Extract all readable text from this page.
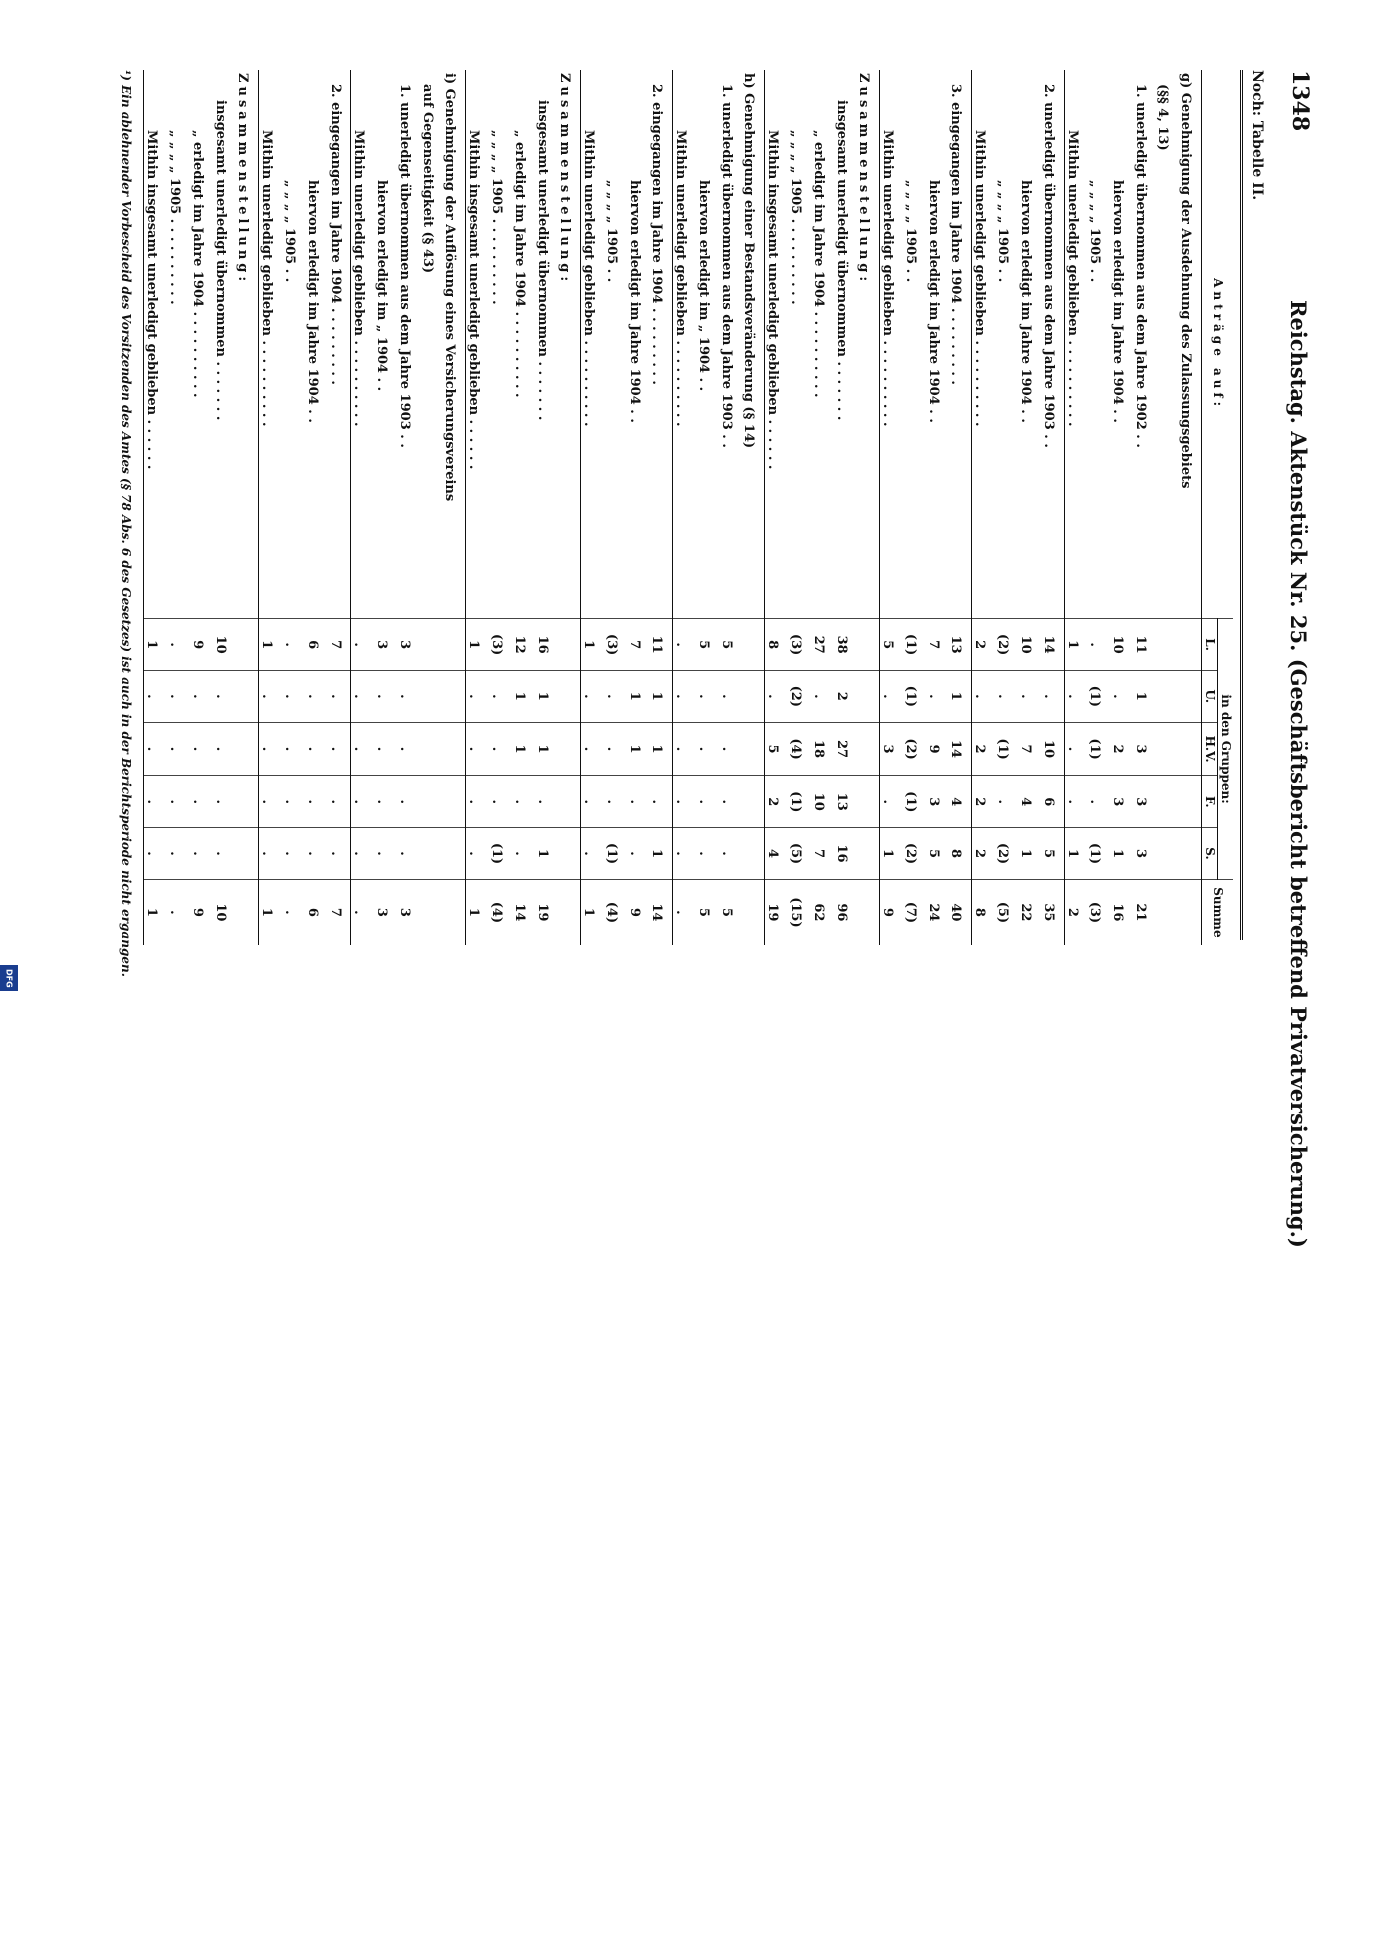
1348
Reichstag. Aktenstück Nr. 25. (Geschäftsbericht betreffend Privatversicherung.)
Noch: Tabelle II.
Anträge auf:	in den Gruppen:					Summe
	L.	U.	H.V.	F.	S.	
g) Genehmigung der Ausdehnung des Zulassungsgebiets						
(§§ 4, 13)						
1. unerledigt übernommen aus dem Jahre 1902 . .	11	1	3	3	3	21
hiervon erledigt im Jahre 1904 . .	10	.	2	3	1	16
„ „ „ „ 1905 . .	.	(1)	(1)	.	(1)	(3)
Mithin unerledigt geblieben . . . . . . . . . .	1	.	.	.	1	2
2. unerledigt übernommen aus dem Jahre 1903 . .	14	.	10	6	5	35
hiervon erledigt im Jahre 1904 . .	10	.	7	4	1	22
„ „ „ „ 1905 . .	(2)	.	(1)	.	(2)	(5)
Mithin unerledigt geblieben . . . . . . . . . .	2	.	2	2	2	8
3. eingegangen im Jahre 1904 . . . . . . . . .	13	1	14	4	8	40
hiervon erledigt im Jahre 1904 . .	7	.	9	3	5	24
„ „ „ „ 1905 . .	(1)	(1)	(2)	(1)	(2)	(7)
Mithin unerledigt geblieben . . . . . . . . . .	5	.	3	.	1	9
Zusammenstellung:						
insgesamt unerledigt übernommen . . . . . . .	38	2	27	13	16	96
„ erledigt im Jahre 1904 . . . . . . . . . .	27	.	18	10	7	62
„ „ „ „ 1905 . . . . . . . . . .	(3)	(2)	(4)	(1)	(5)	(15)
Mithin insgesamt unerledigt geblieben . . . . . .	8	.	5	2	4	19
h) Genehmigung einer Bestandsveränderung (§ 14)						
1. unerledigt übernommen aus dem Jahre 1903 . .	5	.	.	.	.	5
hiervon erledigt im „ 1904 . .	5	.	.	.	.	5
Mithin unerledigt geblieben . . . . . . . . . .	.	.	.	.	.	.
2. eingegangen im Jahre 1904 . . . . . . . . .	11	1	1	.	1	14
hiervon erledigt im Jahre 1904 . .	7	1	1	.	.	9
„ „ „ „ 1905 . .	(3)	.	.	.	(1)	(4)
Mithin unerledigt geblieben . . . . . . . . . .	1	.	.	.	.	1
Zusammenstellung:						
insgesamt unerledigt übernommen . . . . . . .	16	1	1	.	1	19
„ erledigt im Jahre 1904 . . . . . . . . . .	12	1	1	.	.	14
„ „ „ „ 1905 . . . . . . . . . .	(3)	.	.	.	(1)	(4)
Mithin insgesamt unerledigt geblieben . . . . . .	1	.	.	.	.	1
i) Genehmigung der Auflösung eines Versicherungsvereins						
auf Gegenseitigkeit (§ 43)						
1. unerledigt übernommen aus dem Jahre 1903 . .	3	.	.	.	.	3
hiervon erledigt im „ 1904 . .	3	.	.	.	.	3
Mithin unerledigt geblieben . . . . . . . . . .	.	.	.	.	.	.
2. eingegangen im Jahre 1904 . . . . . . . . .	7	.	.	.	.	7
hiervon erledigt im Jahre 1904 . .	6	.	.	.	.	6
„ „ „ „ 1905 . .	.	.	.	.	.	.
Mithin unerledigt geblieben . . . . . . . . . .	1	.	.	.	.	1
Zusammenstellung:						
insgesamt unerledigt übernommen . . . . . . .	10	.	.	.	.	10
„ erledigt im Jahre 1904 . . . . . . . . . .	9	.	.	.	.	9
„ „ „ „ 1905 . . . . . . . . . .	.	.	.	.	.	.
Mithin insgesamt unerledigt geblieben . . . . . .	1	.	.	.	.	1
¹) Ein ablehnender Vorbescheid des Vorsitzenden des Amtes (§ 78 Abs. 6 des Gesetzes) ist auch in der Berichtsperiode nicht ergangen.
DFG
